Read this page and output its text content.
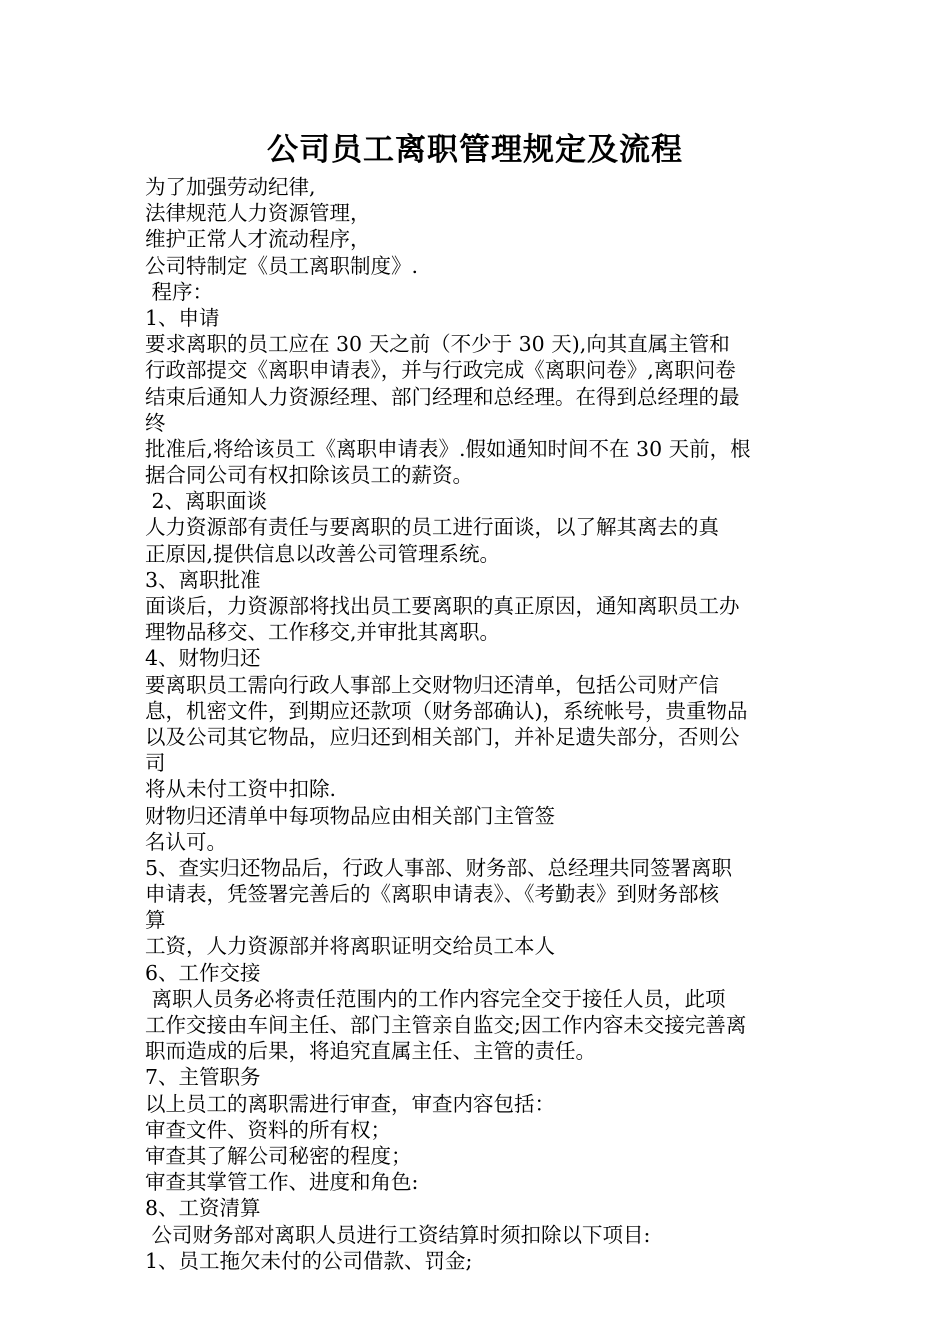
公司员工离职管理规定及流程
为了加强劳动纪律,
法律规范人力资源管理，
维护正常人才流动程序，
公司特制定《员工离职制度》.
程序：
1、申请
要求离职的员工应在 30 天之前（不少于 30 天),向其直属主管和
行政部提交《离职申请表》，并与行政完成《离职问卷》,离职问卷
结束后通知人力资源经理、部门经理和总经理。在得到总经理的最
终
批准后,将给该员工《离职申请表》.假如通知时间不在 30 天前，根
据合同公司有权扣除该员工的薪资。
2、离职面谈
人力资源部有责任与要离职的员工进行面谈，以了解其离去的真
正原因,提供信息以改善公司管理系统。
3、离职批准
面谈后，力资源部将找出员工要离职的真正原因，通知离职员工办
理物品移交、工作移交,并审批其离职。
4、财物归还
要离职员工需向行政人事部上交财物归还清单，包括公司财产信
息，机密文件，到期应还款项（财务部确认)，系统帐号，贵重物品
以及公司其它物品，应归还到相关部门，并补足遗失部分，否则公
司
将从未付工资中扣除.
财物归还清单中每项物品应由相关部门主管签
名认可。
5、查实归还物品后，行政人事部、财务部、总经理共同签署离职
申请表，凭签署完善后的《离职申请表》、《考勤表》到财务部核
算
工资，人力资源部并将离职证明交给员工本人
6、工作交接
离职人员务必将责任范围内的工作内容完全交于接任人员，此项
工作交接由车间主任、部门主管亲自监交;因工作内容未交接完善离
职而造成的后果，将追究直属主任、主管的责任。
7、主管职务
以上员工的离职需进行审查，审查内容包括：
审查文件、资料的所有权；
审查其了解公司秘密的程度；
审查其掌管工作、进度和角色:
8、工资清算
公司财务部对离职人员进行工资结算时须扣除以下项目:
1、员工拖欠未付的公司借款、罚金;
